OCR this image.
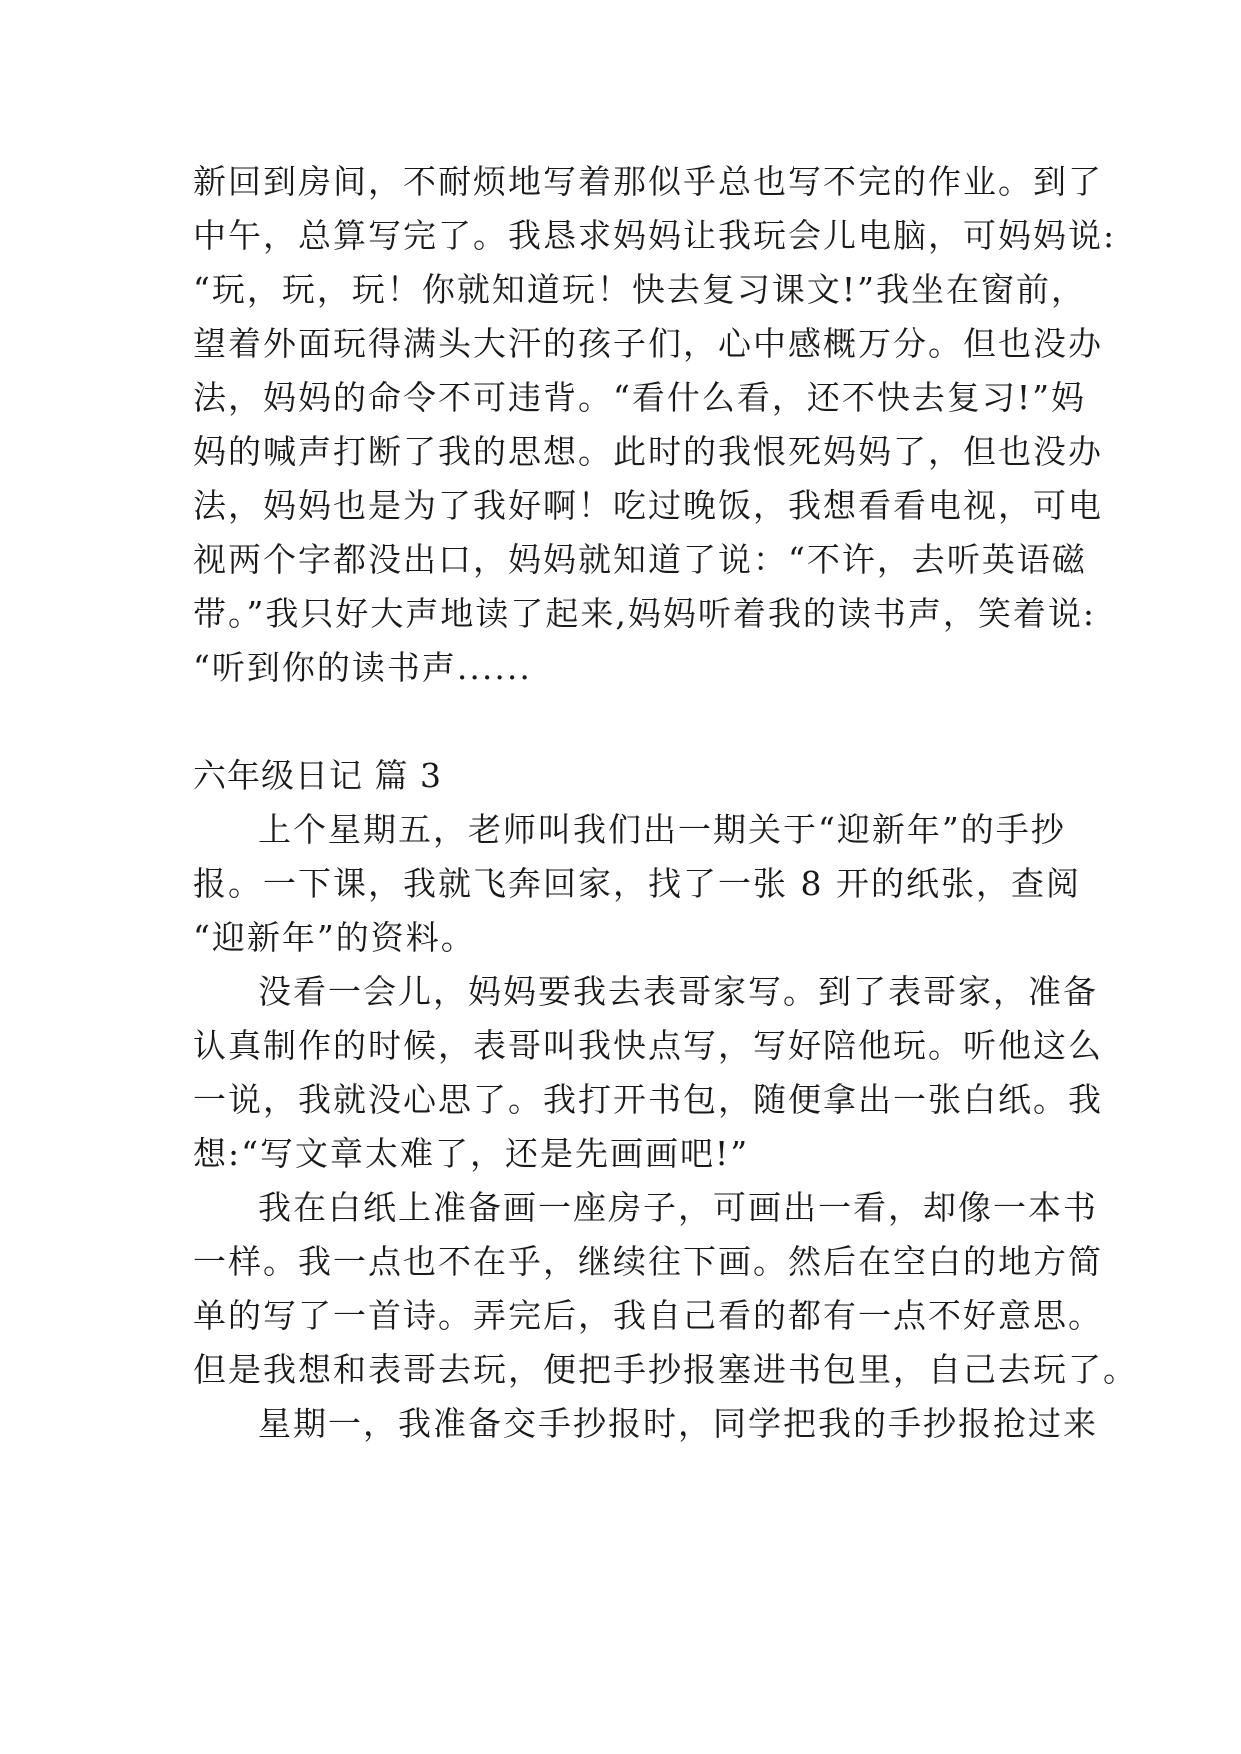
新回到房间，不耐烦地写着那似乎总也写不完的作业。到了
中午，总算写完了。我恳求妈妈让我玩会儿电脑，可妈妈说:
“玩，玩，玩！你就知道玩！快去复习课文!”我坐在窗前，
望着外面玩得满头大汗的孩子们，心中感概万分。但也没办
法，妈妈的命令不可违背。“看什么看，还不快去复习!”妈
妈的喊声打断了我的思想。此时的我恨死妈妈了，但也没办
法，妈妈也是为了我好啊！吃过晚饭，我想看看电视，可电
视两个字都没出口，妈妈就知道了说：“不许，去听英语磁
带。”我只好大声地读了起来,妈妈听着我的读书声，笑着说:
“听到你的读书声......
六年级日记 篇 3
上个星期五，老师叫我们出一期关于“迎新年”的手抄
报。一下课，我就飞奔回家，找了一张 8 开的纸张，查阅
“迎新年”的资料。
没看一会儿，妈妈要我去表哥家写。到了表哥家，准备
认真制作的时候，表哥叫我快点写，写好陪他玩。听他这么
一说，我就没心思了。我打开书包，随便拿出一张白纸。我
想:“写文章太难了，还是先画画吧!”
我在白纸上准备画一座房子，可画出一看，却像一本书
一样。我一点也不在乎，继续往下画。然后在空白的地方简
单的写了一首诗。弄完后，我自己看的都有一点不好意思。
但是我想和表哥去玩，便把手抄报塞进书包里，自己去玩了。
星期一，我准备交手抄报时，同学把我的手抄报抢过来
